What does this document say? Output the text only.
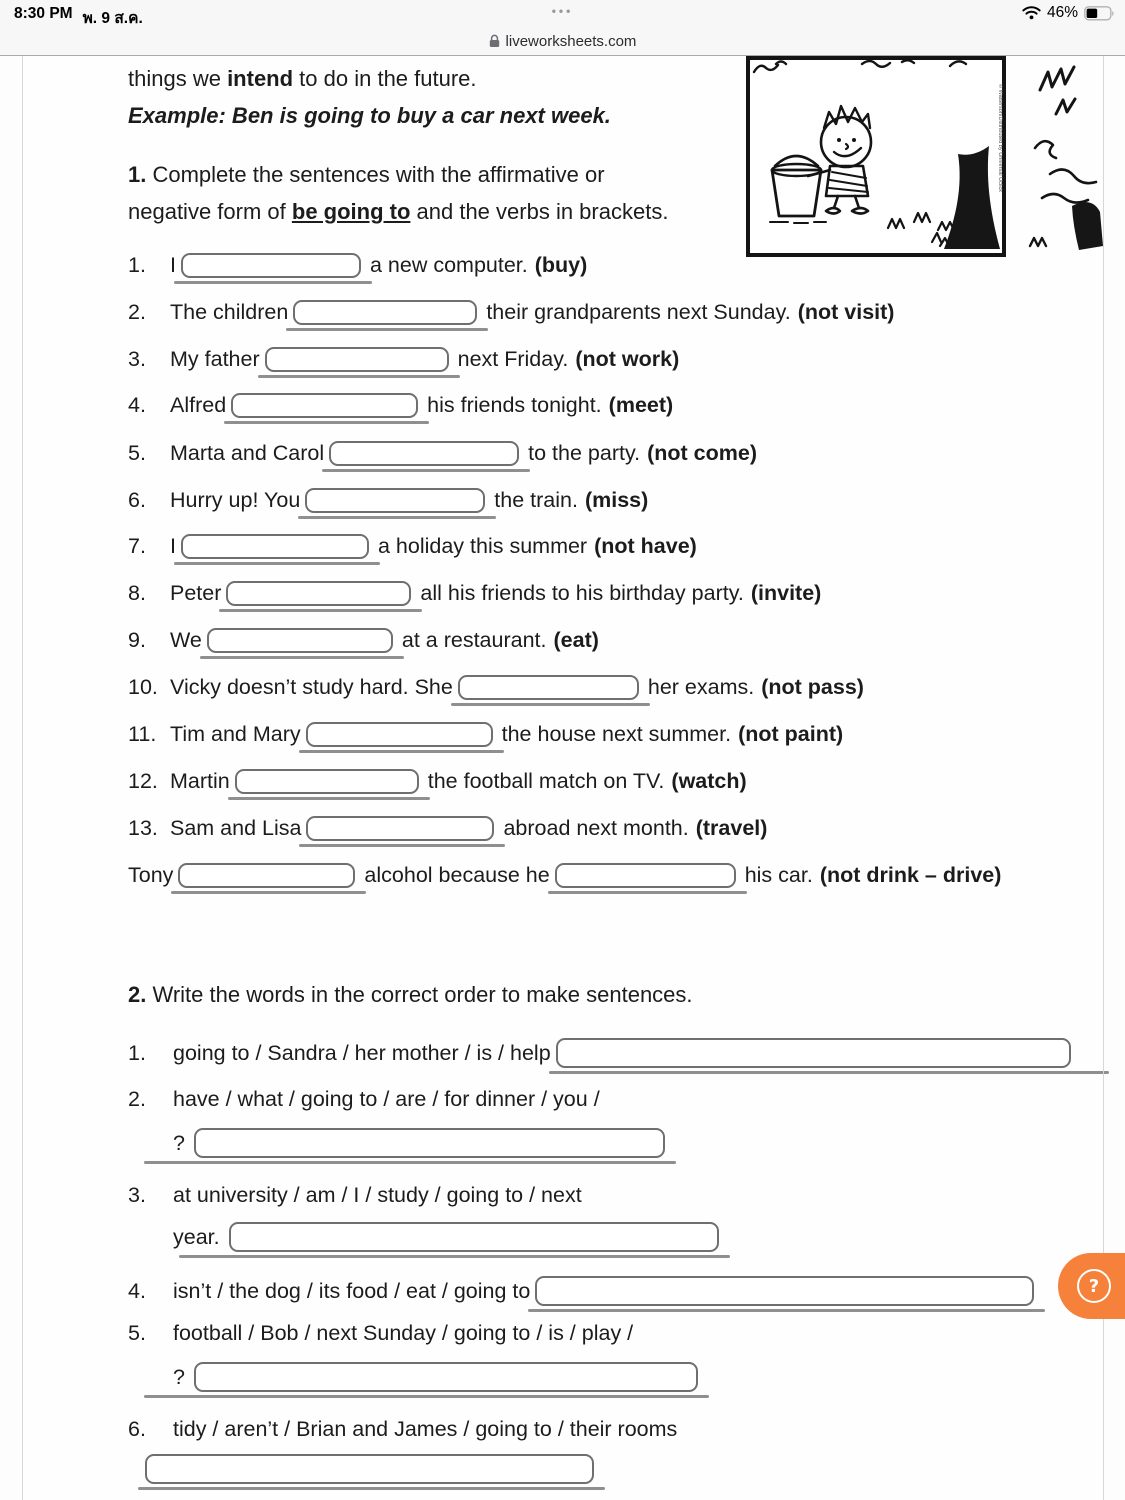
8:30 PM พ. 9 ส.ค.	•••	46%
liveworksheets.com
© Watterson/Distributed by Universal Uclick
things we intend to do in the future.
Example: Ben is going to buy a car next week.
1. Complete the sentences with the affirmative or
negative form of be going to and the verbs in brackets.
1.	I	a new computer. (buy)
2.	The children	their grandparents next Sunday. (not visit)
3.	My father	next Friday. (not work)
4.	Alfred	his friends tonight. (meet)
5.	Marta and Carol	to the party. (not come)
6.	Hurry up! You	the train. (miss)
7.	I	a holiday this summer (not have)
8.	Peter	all his friends to his birthday party. (invite)
9.	We	at a restaurant. (eat)
10. Vicky doesn’t study hard. She	her exams. (not pass)
11. Tim and Mary	the house next summer. (not paint)
12. Martin	the football match on TV. (watch)
13. Sam and Lisa	abroad next month. (travel)
Tony	alcohol because he	his car. (not drink – drive)
2. Write the words in the correct order to make sentences.
1.	going to / Sandra / her mother / is / help
2.	have / what / going to / are / for dinner / you /
?
3.	at university / am / I / study / going to / next
year.
4.	isn’t / the dog / its food / eat / going to
5.	football / Bob / next Sunday / going to / is / play /
?
6.	tidy / aren’t / Brian and James / going to / their rooms
?
